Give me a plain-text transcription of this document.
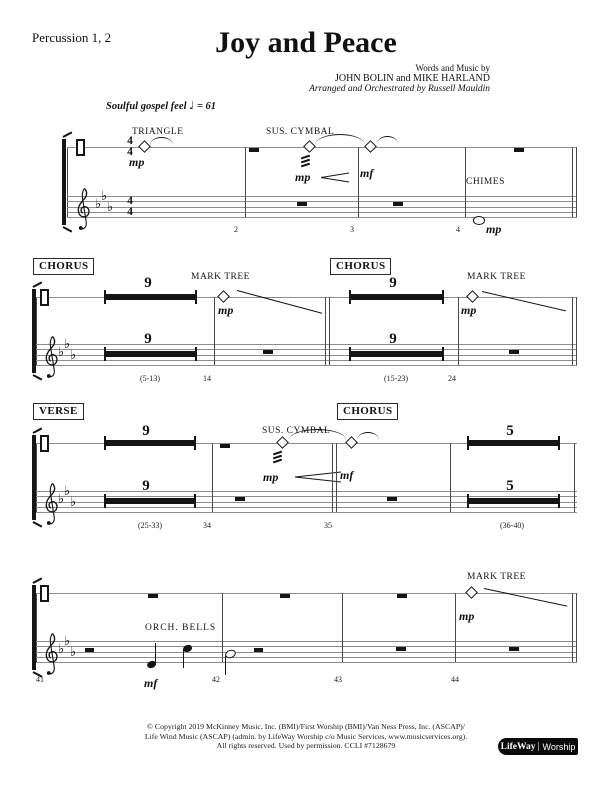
Percussion 1, 2	Joy and Peace
Words and Music by
JOHN BOLIN and MIKE HARLAND
Arranged and Orchestrated by Russell Mauldin
Soulful gospel feel ♩ = 61
4
4
TRIANGLE
mp
SUS. CYMBAL
mp	mf
♭
♭
♭	4
4
CHIMES
mp
2	3	4
CHORUS	CHORUS
9	MARK TREE
mp
MARK TREE
9
mp
♭
♭
♭
9	9
(5-13)	14	(15-23)	24
VERSE	CHORUS
9	SUS. CYMBAL
mp	mf
5
♭
♭
♭
9	5
(25-33)	34	35	(36-40)
MARK TREE
mp
♭
♭
♭
ORCH. BELLS
mf
41	42	43	44
© Copyright 2019 McKinney Music, Inc. (BMI)/First Worship (BMI)/Van Ness Press, Inc. (ASCAP)/
Life Wind Music (ASCAP) (admin. by LifeWay Worship c/o Music Services, www.musicservices.org).
All rights reserved. Used by permission. CCLI #7128679	LifeWay Worship
